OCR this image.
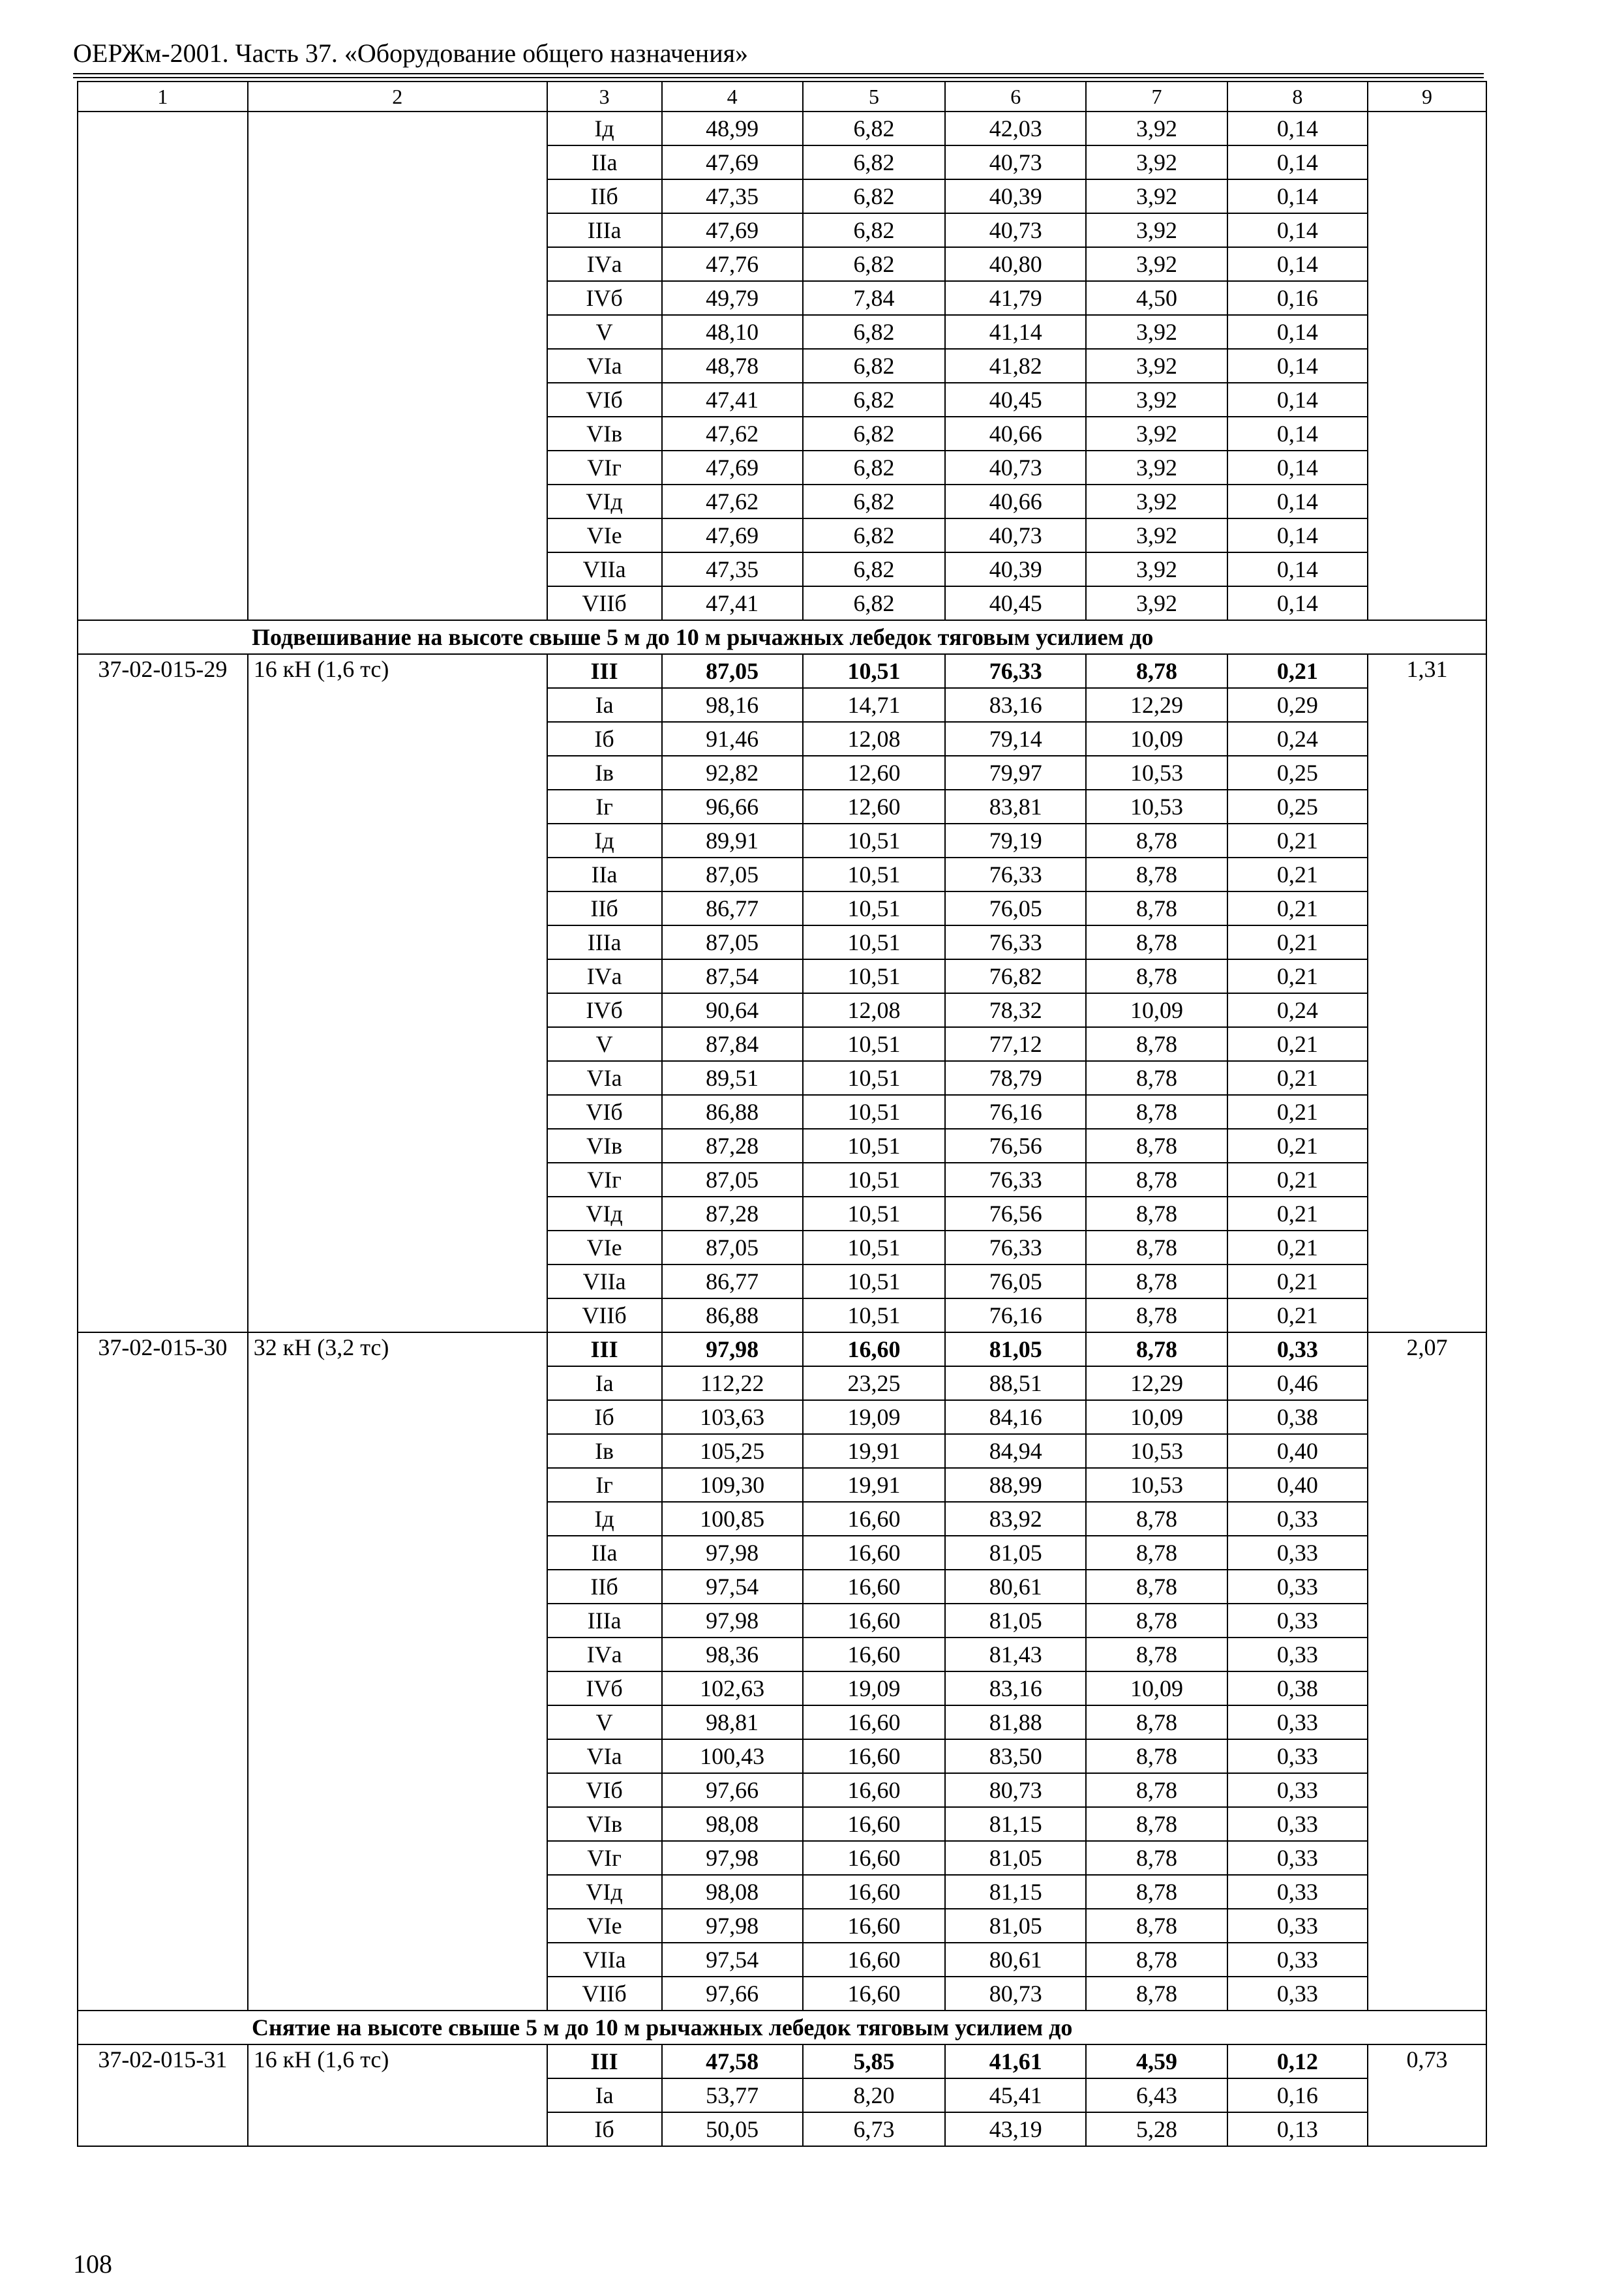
ОЕРЖм-2001. Часть 37. «Оборудование общего назначения»
1	2	3	4	5	6	7	8	9
		Iд	48,99	6,82	42,03	3,92	0,14	
		IIа	47,69	6,82	40,73	3,92	0,14	
		IIб	47,35	6,82	40,39	3,92	0,14	
		IIIа	47,69	6,82	40,73	3,92	0,14	
		IVа	47,76	6,82	40,80	3,92	0,14	
		IVб	49,79	7,84	41,79	4,50	0,16	
		V	48,10	6,82	41,14	3,92	0,14	
		VIа	48,78	6,82	41,82	3,92	0,14	
		VIб	47,41	6,82	40,45	3,92	0,14	
		VIв	47,62	6,82	40,66	3,92	0,14	
		VIг	47,69	6,82	40,73	3,92	0,14	
		VIд	47,62	6,82	40,66	3,92	0,14	
		VIе	47,69	6,82	40,73	3,92	0,14	
		VIIа	47,35	6,82	40,39	3,92	0,14	
		VIIб	47,41	6,82	40,45	3,92	0,14	
Подвешивание на высоте свыше 5 м до 10 м рычажных лебедок тяговым усилием до								
37-02-015-29	16 кН (1,6 тс)	III	87,05	10,51	76,33	8,78	0,21	1,31
		Iа	98,16	14,71	83,16	12,29	0,29	
		Iб	91,46	12,08	79,14	10,09	0,24	
		Iв	92,82	12,60	79,97	10,53	0,25	
		Iг	96,66	12,60	83,81	10,53	0,25	
		Iд	89,91	10,51	79,19	8,78	0,21	
		IIа	87,05	10,51	76,33	8,78	0,21	
		IIб	86,77	10,51	76,05	8,78	0,21	
		IIIа	87,05	10,51	76,33	8,78	0,21	
		IVа	87,54	10,51	76,82	8,78	0,21	
		IVб	90,64	12,08	78,32	10,09	0,24	
		V	87,84	10,51	77,12	8,78	0,21	
		VIа	89,51	10,51	78,79	8,78	0,21	
		VIб	86,88	10,51	76,16	8,78	0,21	
		VIв	87,28	10,51	76,56	8,78	0,21	
		VIг	87,05	10,51	76,33	8,78	0,21	
		VIд	87,28	10,51	76,56	8,78	0,21	
		VIе	87,05	10,51	76,33	8,78	0,21	
		VIIа	86,77	10,51	76,05	8,78	0,21	
		VIIб	86,88	10,51	76,16	8,78	0,21	
37-02-015-30	32 кН (3,2 тс)	III	97,98	16,60	81,05	8,78	0,33	2,07
		Iа	112,22	23,25	88,51	12,29	0,46	
		Iб	103,63	19,09	84,16	10,09	0,38	
		Iв	105,25	19,91	84,94	10,53	0,40	
		Iг	109,30	19,91	88,99	10,53	0,40	
		Iд	100,85	16,60	83,92	8,78	0,33	
		IIа	97,98	16,60	81,05	8,78	0,33	
		IIб	97,54	16,60	80,61	8,78	0,33	
		IIIа	97,98	16,60	81,05	8,78	0,33	
		IVа	98,36	16,60	81,43	8,78	0,33	
		IVб	102,63	19,09	83,16	10,09	0,38	
		V	98,81	16,60	81,88	8,78	0,33	
		VIа	100,43	16,60	83,50	8,78	0,33	
		VIб	97,66	16,60	80,73	8,78	0,33	
		VIв	98,08	16,60	81,15	8,78	0,33	
		VIг	97,98	16,60	81,05	8,78	0,33	
		VIд	98,08	16,60	81,15	8,78	0,33	
		VIе	97,98	16,60	81,05	8,78	0,33	
		VIIа	97,54	16,60	80,61	8,78	0,33	
		VIIб	97,66	16,60	80,73	8,78	0,33	
Снятие на высоте свыше 5 м до 10 м рычажных лебедок тяговым усилием до								
37-02-015-31	16 кН (1,6 тс)	III	47,58	5,85	41,61	4,59	0,12	0,73
		Iа	53,77	8,20	45,41	6,43	0,16	
		Iб	50,05	6,73	43,19	5,28	0,13	
108
